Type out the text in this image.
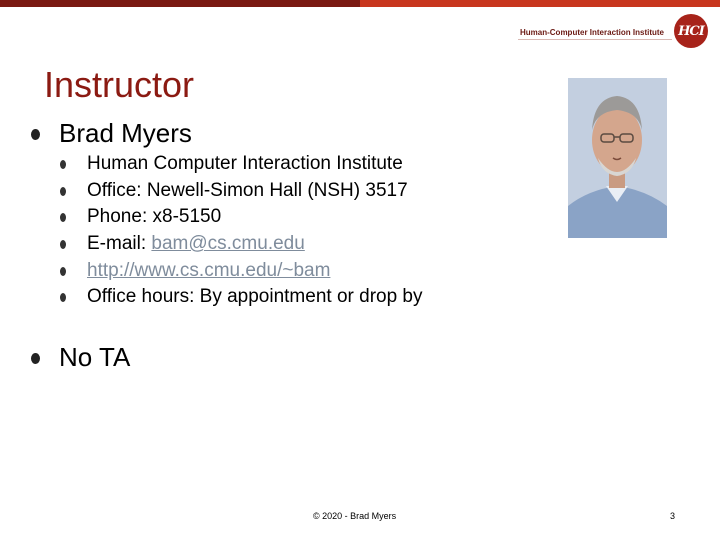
Human-Computer Interaction Institute	HCI
Instructor
Brad Myers
Human Computer Interaction Institute
Office: Newell-Simon Hall (NSH) 3517
Phone: x8-5150
E-mail: bam@cs.cmu.edu
http://www.cs.cmu.edu/~bam
Office hours: By appointment or drop by
No TA
© 2020 - Brad Myers	3
